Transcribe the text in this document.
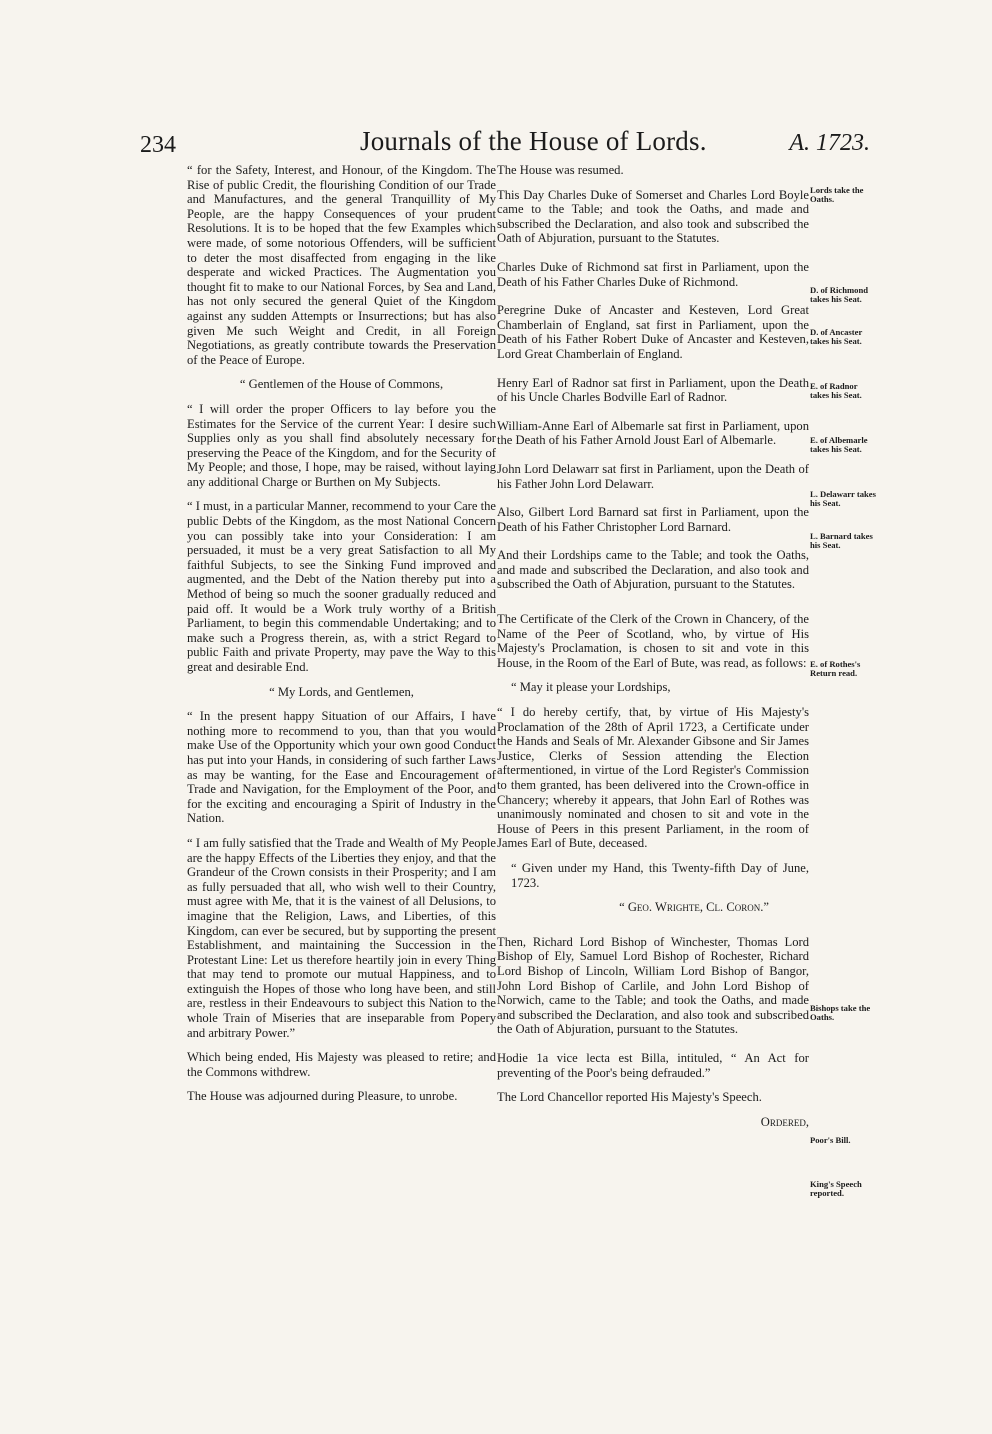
234	Journals of the House of Lords.	A. 1723.

“ for the Safety, Interest, and Honour, of the Kingdom. The Rise of public Credit, the flourishing Condition of our Trade and Manufactures, and the general Tranquillity of My People, are the happy Consequences of your prudent Resolutions. It is to be hoped that the few Examples which were made, of some notorious Offenders, will be sufficient to deter the most disaffected from engaging in the like desperate and wicked Practices. The Augmentation you thought fit to make to our National Forces, by Sea and Land, has not only secured the general Quiet of the Kingdom against any sudden Attempts or Insurrections; but has also given Me such Weight and Credit, in all Foreign Negotiations, as greatly contribute towards the Preservation of the Peace of Europe.

“ Gentlemen of the House of Commons,

“ I will order the proper Officers to lay before you the Estimates for the Service of the current Year: I desire such Supplies only as you shall find absolutely necessary for preserving the Peace of the Kingdom, and for the Security of My People; and those, I hope, may be raised, without laying any additional Charge or Burthen on My Subjects.

“ I must, in a particular Manner, recommend to your Care the public Debts of the Kingdom, as the most National Concern you can possibly take into your Consideration: I am persuaded, it must be a very great Satisfaction to all My faithful Subjects, to see the Sinking Fund improved and augmented, and the Debt of the Nation thereby put into a Method of being so much the sooner gradually reduced and paid off. It would be a Work truly worthy of a British Parliament, to begin this commendable Undertaking; and to make such a Progress therein, as, with a strict Regard to public Faith and private Property, may pave the Way to this great and desirable End.

“ My Lords, and Gentlemen,

“ In the present happy Situation of our Affairs, I have nothing more to recommend to you, than that you would make Use of the Opportunity which your own good Conduct has put into your Hands, in considering of such farther Laws as may be wanting, for the Ease and Encouragement of Trade and Navigation, for the Employment of the Poor, and for the exciting and encouraging a Spirit of Industry in the Nation.

“ I am fully satisfied that the Trade and Wealth of My People are the happy Effects of the Liberties they enjoy, and that the Grandeur of the Crown consists in their Prosperity; and I am as fully persuaded that all, who wish well to their Country, must agree with Me, that it is the vainest of all Delusions, to imagine that the Religion, Laws, and Liberties, of this Kingdom, can ever be secured, but by supporting the present Establishment, and maintaining the Succession in the Protestant Line: Let us therefore heartily join in every Thing that may tend to promote our mutual Happiness, and to extinguish the Hopes of those who long have been, and still are, restless in their Endeavours to subject this Nation to the whole Train of Miseries that are inseparable from Popery and arbitrary Power.”

Which being ended, His Majesty was pleased to retire; and the Commons withdrew.

The House was adjourned during Pleasure, to unrobe.

The House was resumed.

This Day Charles Duke of Somerset and Charles Lord Boyle came to the Table; and took the Oaths, and made and subscribed the Declaration, and also took and subscribed the Oath of Abjuration, pursuant to the Statutes.

Charles Duke of Richmond sat first in Parliament, upon the Death of his Father Charles Duke of Richmond.

Peregrine Duke of Ancaster and Kesteven, Lord Great Chamberlain of England, sat first in Parliament, upon the Death of his Father Robert Duke of Ancaster and Kesteven, Lord Great Chamberlain of England.

Henry Earl of Radnor sat first in Parliament, upon the Death of his Uncle Charles Bodville Earl of Radnor.

William-Anne Earl of Albemarle sat first in Parliament, upon the Death of his Father Arnold Joust Earl of Albemarle.

John Lord Delawarr sat first in Parliament, upon the Death of his Father John Lord Delawarr.

Also, Gilbert Lord Barnard sat first in Parliament, upon the Death of his Father Christopher Lord Barnard.

And their Lordships came to the Table; and took the Oaths, and made and subscribed the Declaration, and also took and subscribed the Oath of Abjuration, pursuant to the Statutes.

The Certificate of the Clerk of the Crown in Chancery, of the Name of the Peer of Scotland, who, by virtue of His Majesty's Proclamation, is chosen to sit and vote in this House, in the Room of the Earl of Bute, was read, as follows:

“ May it please your Lordships,

“ I do hereby certify, that, by virtue of His Majesty's Proclamation of the 28th of April 1723, a Certificate under the Hands and Seals of Mr. Alexander Gibsone and Sir James Justice, Clerks of Session attending the Election aftermentioned, in virtue of the Lord Register's Commission to them granted, has been delivered into the Crown-office in Chancery; whereby it appears, that John Earl of Rothes was unanimously nominated and chosen to sit and vote in the House of Peers in this present Parliament, in the room of James Earl of Bute, deceased.

“ Given under my Hand, this Twenty-fifth Day of June, 1723.

“ Geo. Wrighte, Cl. Coron.”

Then, Richard Lord Bishop of Winchester, Thomas Lord Bishop of Ely, Samuel Lord Bishop of Rochester, Richard Lord Bishop of Lincoln, William Lord Bishop of Bangor, John Lord Bishop of Carlile, and John Lord Bishop of Norwich, came to the Table; and took the Oaths, and made and subscribed the Declaration, and also took and subscribed the Oath of Abjuration, pursuant to the Statutes.

Hodie 1a vice lecta est Billa, intituled, “ An Act for preventing of the Poor's being defrauded.”

The Lord Chancellor reported His Majesty's Speech.

Ordered,

Lords take the Oaths.
D. of Richmond takes his Seat.
D. of Ancaster takes his Seat.
E. of Radnor takes his Seat.
E. of Albemarle takes his Seat.
L. Delawarr takes his Seat.
L. Barnard takes his Seat.
E. of Rothes's Return read.
Bishops take the Oaths.
Poor's Bill.
King's Speech reported.
